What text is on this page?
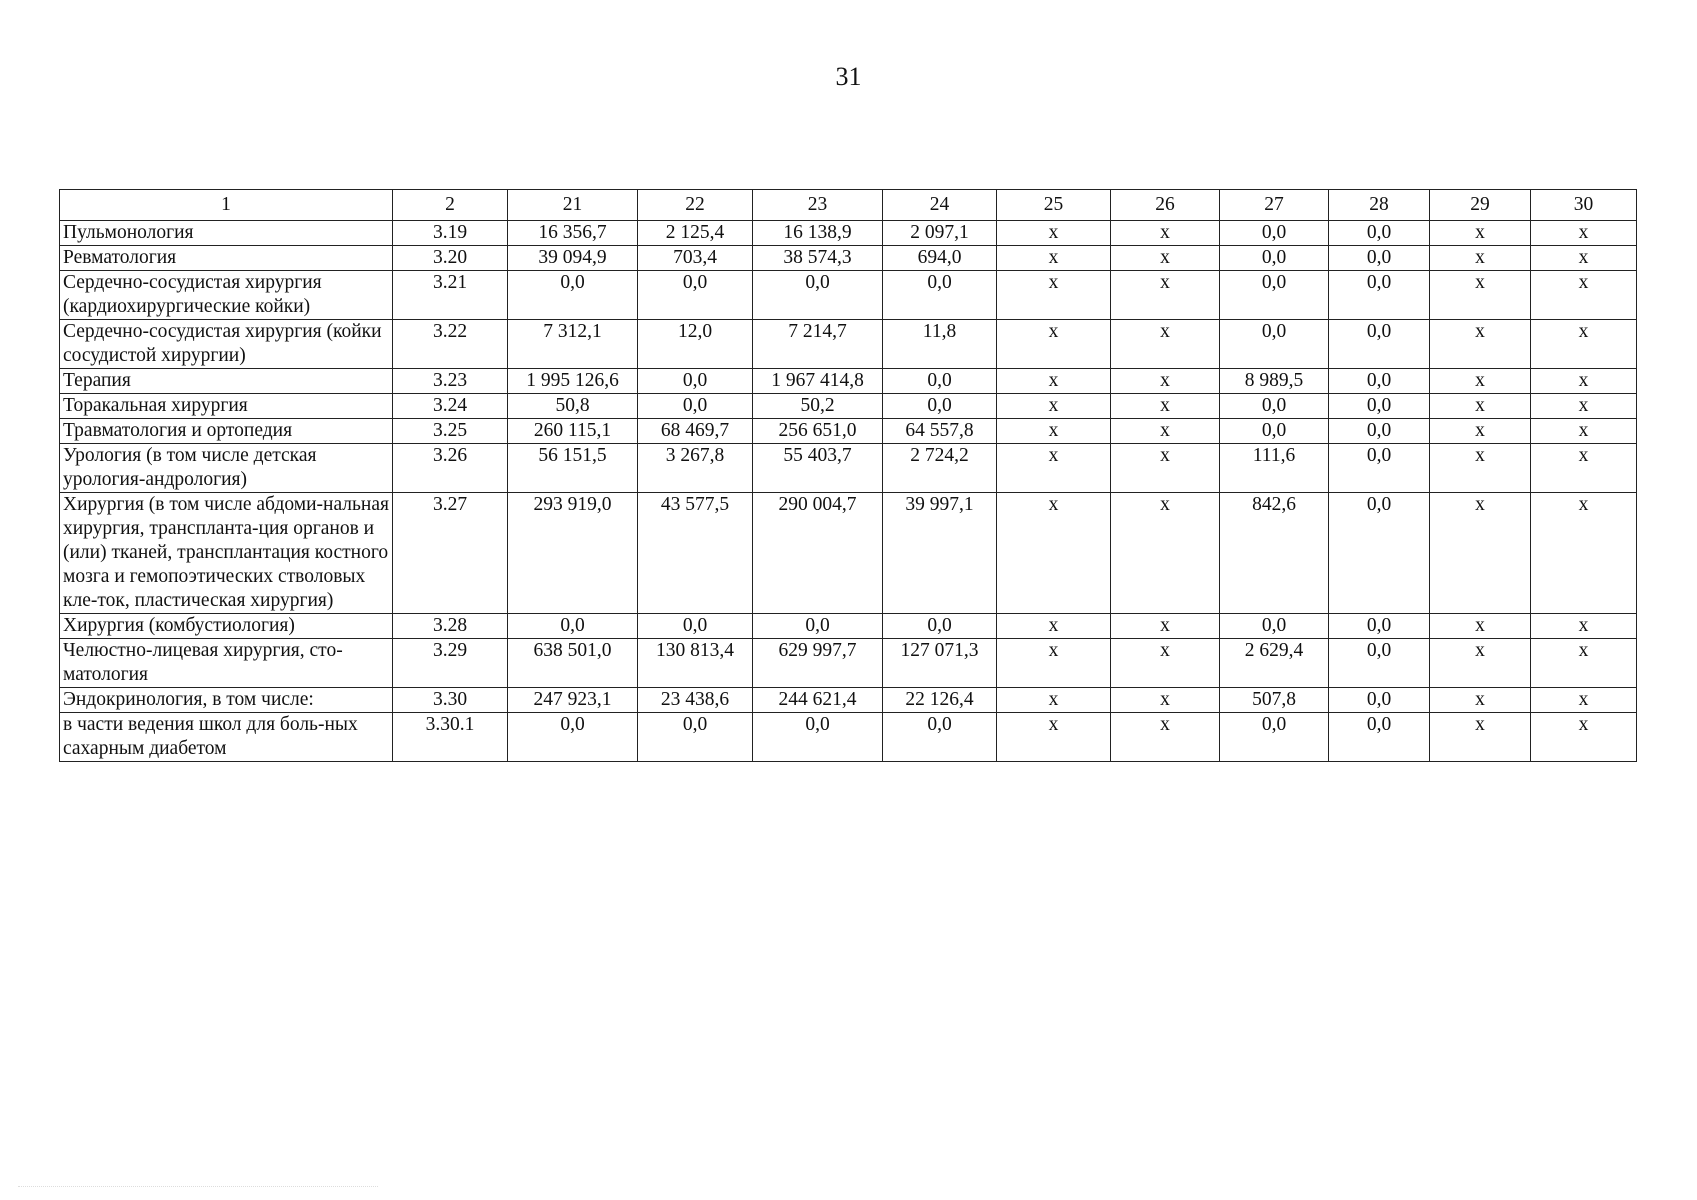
31
1	2	21	22	23	24	25	26	27	28	29	30
Пульмонология	3.19	16 356,7	2 125,4	16 138,9	2 097,1	х	х	0,0	0,0	х	х
Ревматология	3.20	39 094,9	703,4	38 574,3	694,0	х	х	0,0	0,0	х	х
Сердечно-сосудистая хирургия (кардиохирургические койки)	3.21	0,0	0,0	0,0	0,0	х	х	0,0	0,0	х	х
Сердечно-сосудистая хирургия (койки сосудистой хирургии)	3.22	7 312,1	12,0	7 214,7	11,8	х	х	0,0	0,0	х	х
Терапия	3.23	1 995 126,6	0,0	1 967 414,8	0,0	х	х	8 989,5	0,0	х	х
Торакальная хирургия	3.24	50,8	0,0	50,2	0,0	х	х	0,0	0,0	х	х
Травматология и ортопедия	3.25	260 115,1	68 469,7	256 651,0	64 557,8	х	х	0,0	0,0	х	х
Урология (в том числе детская урология-андрология)	3.26	56 151,5	3 267,8	55 403,7	2 724,2	х	х	111,6	0,0	х	х
Хирургия (в том числе абдоми-нальная хирургия, трансплантa-ция органов и (или) тканей, трансплантация костного мозга и гемопоэтических стволовых кле-ток, пластическая хирургия)	3.27	293 919,0	43 577,5	290 004,7	39 997,1	х	х	842,6	0,0	х	х
Хирургия (комбустиология)	3.28	0,0	0,0	0,0	0,0	х	х	0,0	0,0	х	х
Челюстно-лицевая хирургия, сто-матология	3.29	638 501,0	130 813,4	629 997,7	127 071,3	х	х	2 629,4	0,0	х	х
Эндокринология, в том числе:	3.30	247 923,1	23 438,6	244 621,4	22 126,4	х	х	507,8	0,0	х	х
в части ведения школ для боль-ных сахарным диабетом	3.30.1	0,0	0,0	0,0	0,0	х	х	0,0	0,0	х	х
